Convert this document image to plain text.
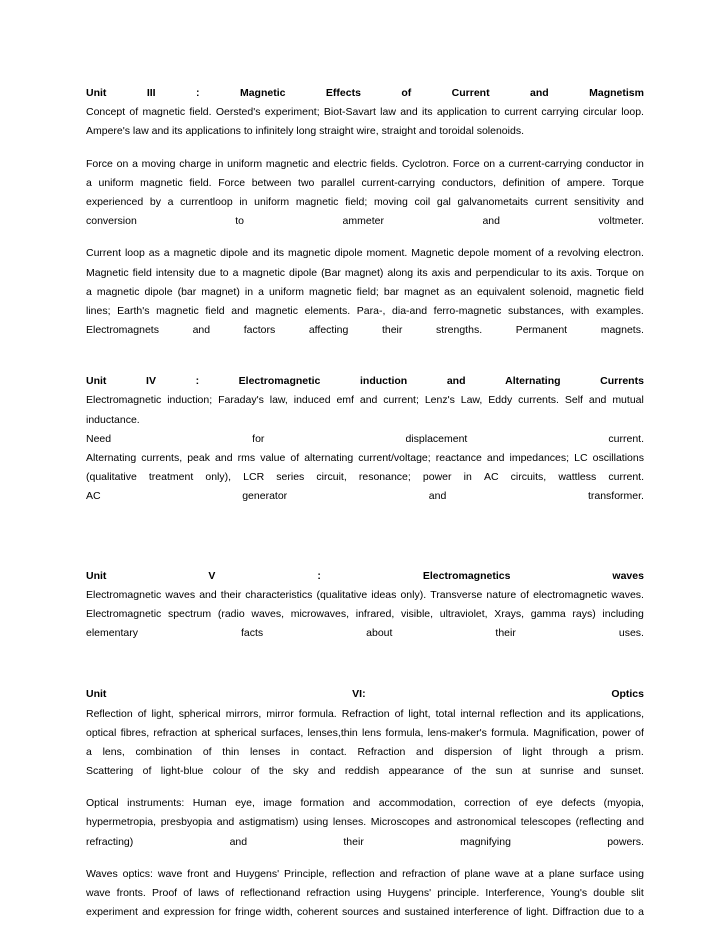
Unit	III	:	Magnetic	Effects	of	Current	and	Magnetism
Concept of magnetic field. Oersted's experiment; Biot-Savart law and its application to current carrying circular loop.
Ampere's law and its applications to infinitely long straight wire, straight and toroidal solenoids.
Force on a moving charge in uniform magnetic and electric fields. Cyclotron. Force on a current-carrying conductor in
a uniform magnetic field. Force between two parallel current-carrying conductors, definition of ampere. Torque
experienced by a currentloop in uniform magnetic field; moving coil gal galvanometaits current sensitivity and
conversion	to	ammeter	and	voltmeter.
Current loop as a magnetic dipole and its magnetic dipole moment. Magnetic depole moment of a revolving electron.
Magnetic field intensity due to a magnetic dipole (Bar magnet) along its axis and perpendicular to its axis. Torque on
a magnetic dipole (bar magnet) in a uniform magnetic field; bar magnet as an equivalent solenoid, magnetic field
lines; Earth's magnetic field and magnetic elements. Para-, dia-and ferro-magnetic substances, with examples.
Electromagnets	and	factors	affecting	their	strengths.	Permanent	magnets.
Unit	IV	:	Electromagnetic	induction	and	Alternating	Currents
Electromagnetic induction; Faraday's law, induced emf and current; Lenz's Law, Eddy currents. Self and mutual
inductance.
Need	for	displacement	current.
Alternating currents, peak and rms value of alternating current/voltage; reactance and impedances; LC oscillations
(qualitative treatment only), LCR series circuit, resonance; power in AC circuits, wattless current.
AC	generator	and	transformer.
Unit	V	:	Electromagnetics	waves
Electromagnetic waves and their characteristics (qualitative ideas only). Transverse nature of electromagnetic waves.
Electromagnetic spectrum (radio waves, microwaves, infrared, visible, ultraviolet, Xrays, gamma rays) including
elementary	facts	about	their	uses.
Unit	VI:	Optics
Reflection of light, spherical mirrors, mirror formula. Refraction of light, total internal reflection and its applications,
optical fibres, refraction at spherical surfaces, lenses,thin lens formula, lens-maker's formula. Magnification, power of
a lens, combination of thin lenses in contact. Refraction and dispersion of light through a prism.
Scattering of light-blue colour of the sky and reddish appearance of the sun at sunrise and sunset.
Optical instruments: Human eye, image formation and accommodation, correction of eye defects (myopia,
hypermetropia, presbyopia and astigmatism) using lenses. Microscopes and astronomical telescopes (reflecting and
refracting)	and	their	magnifying	powers.
Waves optics: wave front and Huygens' Principle, reflection and refraction of plane wave at a plane surface using
wave fronts. Proof of laws of reflectionand refraction using Huygens' principle. Interference, Young's double slit
experiment and expression for fringe width, coherent sources and sustained interference of light. Diffraction due to a
